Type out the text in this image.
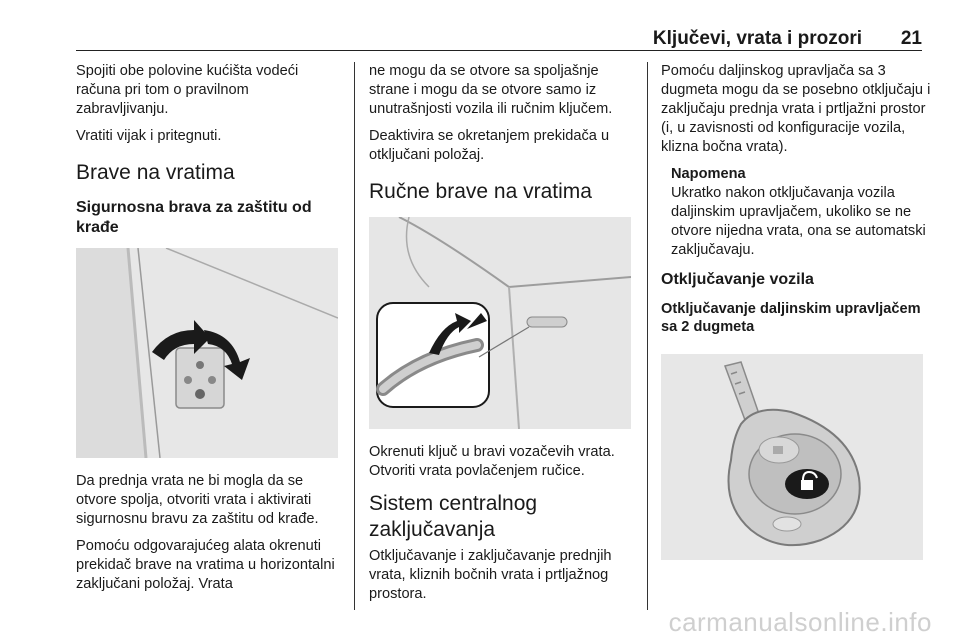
Ključevi, vrata i prozori 21

Spojiti obe polovine kućišta vodeći računa pri tom o pravilnom zabravljivanju.

Vratiti vijak i pritegnuti.

Brave na vratima
Sigurnosna brava za zaštitu od krađe

Da prednja vrata ne bi mogla da se otvore spolja, otvoriti vrata i aktivirati sigurnosnu bravu za zaštitu od krađe.

Pomoću odgovarajućeg alata okrenuti prekidač brave na vratima u horizontalni zaključani položaj. Vrata

ne mogu da se otvore sa spoljašnje strane i mogu da se otvore samo iz unutrašnjosti vozila ili ručnim ključem.

Deaktivira se okretanjem prekidača u otključani položaj.

Ručne brave na vratima

Okrenuti ključ u bravi vozačevih vrata. Otvoriti vrata povlačenjem ručice.

Sistem centralnog zaključavanja

Otključavanje i zaključavanje prednjih vrata, kliznih bočnih vrata i prtljažnog prostora.

Pomoću daljinskog upravljača sa 3 dugmeta mogu da se posebno otključaju i zaključaju prednja vrata i prtljažni prostor (i, u zavisnosti od konfiguracije vozila, klizna bočna vrata).

Napomena

Ukratko nakon otključavanja vozila daljinskim upravljačem, ukoliko se ne otvore nijedna vrata, ona se automatski zaključavaju.

Otključavanje vozila
Otključavanje daljinskim upravljačem sa 2 dugmeta
carmanualsonline.info
